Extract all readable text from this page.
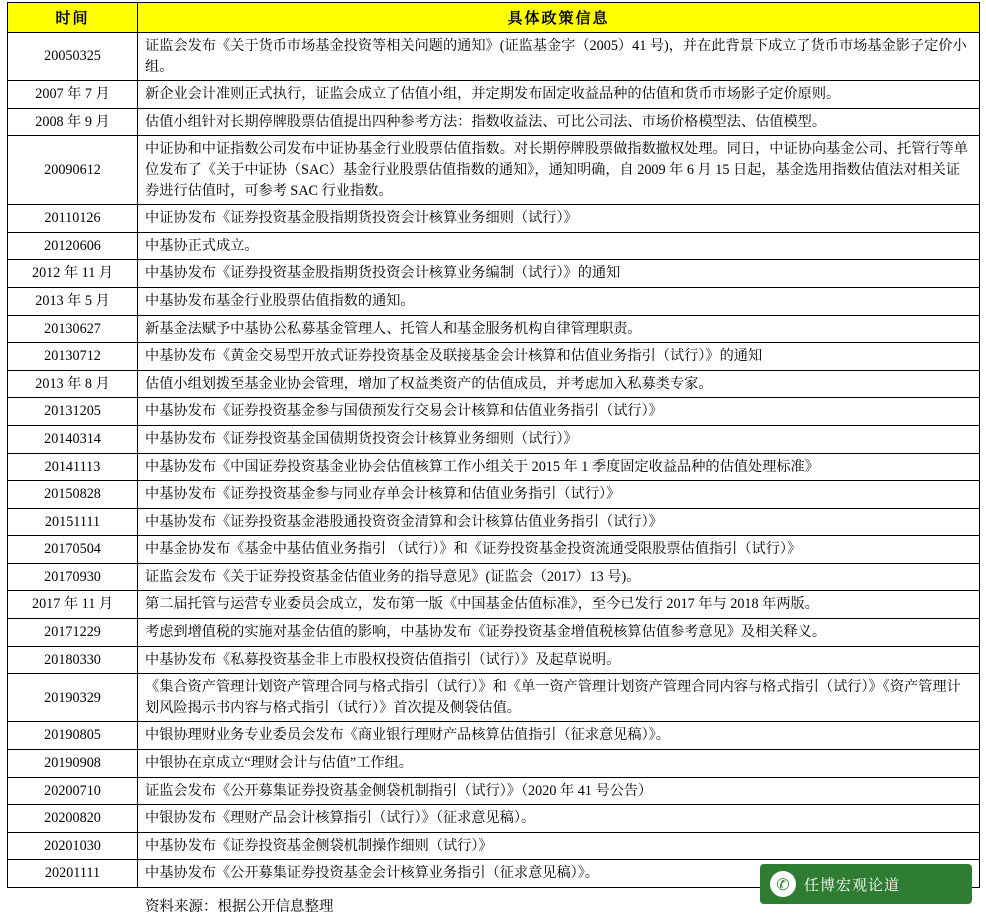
时间	具体政策信息
20050325	证监会发布《关于货币市场基金投资等相关问题的通知》(证监基金字（2005）41 号)，并在此背景下成立了货币市场基金影子定价小组。
2007 年 7 月	新企业会计准则正式执行，证监会成立了估值小组，并定期发布固定收益品种的估值和货币市场影子定价原则。
2008 年 9 月	估值小组针对长期停牌股票估值提出四种参考方法：指数收益法、可比公司法、市场价格模型法、估值模型。
20090612	中证协和中证指数公司发布中证协基金行业股票估值指数。对长期停牌股票做指数撤权处理。同日，中证协向基金公司、托管行等单位发布了《关于中证协（SAC）基金行业股票估值指数的通知》，通知明确，自 2009 年 6 月 15 日起，基金选用指数估值法对相关证券进行估值时，可参考 SAC 行业指数。
20110126	中证协发布《证券投资基金股指期货投资会计核算业务细则（试行）》
20120606	中基协正式成立。
2012 年 11 月	中基协发布《证券投资基金股指期货投资会计核算业务编制（试行）》的通知
2013 年 5 月	中基协发布基金行业股票估值指数的通知。
20130627	新基金法赋予中基协公私募基金管理人、托管人和基金服务机构自律管理职责。
20130712	中基协发布《黄金交易型开放式证券投资基金及联接基金会计核算和估值业务指引（试行）》的通知
2013 年 8 月	估值小组划拨至基金业协会管理，增加了权益类资产的估值成员，并考虑加入私募类专家。
20131205	中基协发布《证券投资基金参与国债预发行交易会计核算和估值业务指引（试行）》
20140314	中基协发布《证券投资基金国债期货投资会计核算业务细则（试行）》
20141113	中基协发布《中国证券投资基金业协会估值核算工作小组关于 2015 年 1 季度固定收益品种的估值处理标准》
20150828	中基协发布《证券投资基金参与同业存单会计核算和估值业务指引（试行）》
20151111	中基协发布《证券投资基金港股通投资资金清算和会计核算估值业务指引（试行）》
20170504	中基金协发布《基金中基估值业务指引 （试行）》和《证券投资基金投资流通受限股票估值指引（试行）》
20170930	证监会发布《关于证券投资基金估值业务的指导意见》(证监会（2017）13 号)。
2017 年 11 月	第二届托管与运营专业委员会成立，发布第一版《中国基金估值标准》，至今已发行 2017 年与 2018 年两版。
20171229	考虑到增值税的实施对基金估值的影响，中基协发布《证券投资基金增值税核算估值参考意见》及相关释义。
20180330	中基协发布《私募投资基金非上市股权投资估值指引（试行）》及起草说明。
20190329	《集合资产管理计划资产管理合同与格式指引（试行）》和《单一资产管理计划资产管理合同内容与格式指引（试行）》《资产管理计划风险揭示书内容与格式指引（试行）》首次提及侧袋估值。
20190805	中银协理财业务专业委员会发布《商业银行理财产品核算估值指引（征求意见稿）》。
20190908	中银协在京成立“理财会计与估值”工作组。
20200710	证监会发布《公开募集证券投资基金侧袋机制指引（试行）》（2020 年 41 号公告）
20200820	中银协发布《理财产品会计核算指引（试行）》（征求意见稿）。
20201030	中基协发布《证券投资基金侧袋机制操作细则（试行）》
20201111	中基协发布《公开募集证券投资基金会计核算业务指引（征求意见稿）》。
资料来源：根据公开信息整理
✆ 任博宏观论道
